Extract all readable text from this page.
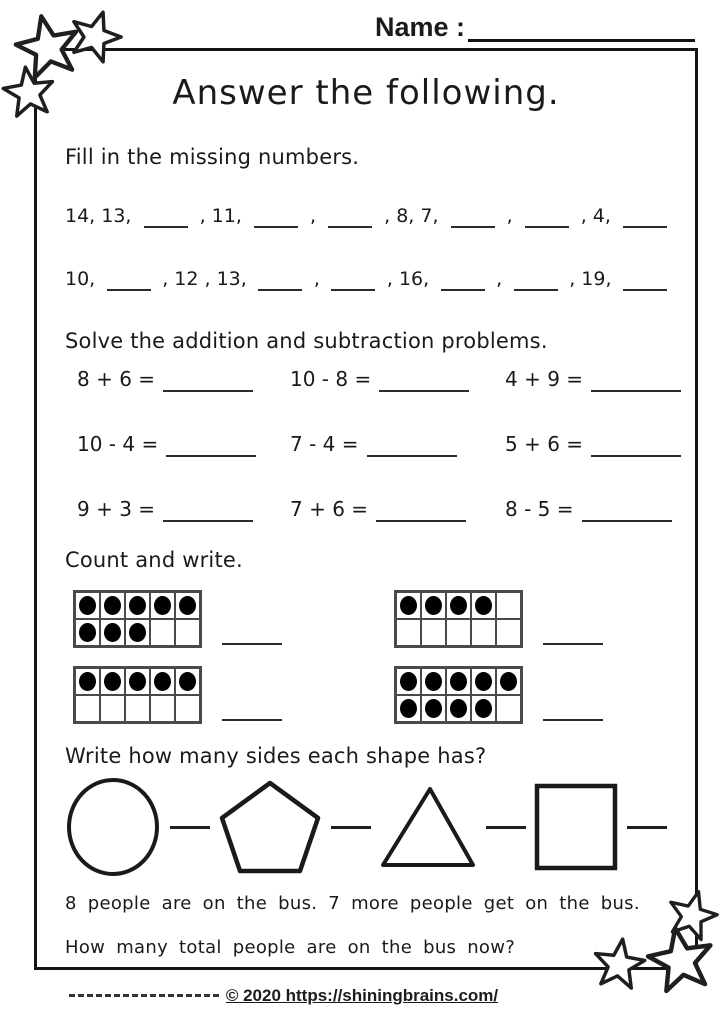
Name :
Answer the following.
Fill in the missing numbers.
14, 13,	, 11,	,	, 8, 7,	,	, 4,
10,	, 12 , 13,	,	, 16,	,	, 19,
Solve the addition and subtraction problems.
8 + 6 =	10 - 8 =	4 + 9 =
10 - 4 =	7 - 4 =	5 + 6 =
9 + 3 =	7 + 6 =	8 - 5 =
Count and write.
Write how many sides each shape has?

8 people are on the bus. 7 more people get on the bus. How many total people are on the bus now?

© 2020 https://shiningbrains.com/
